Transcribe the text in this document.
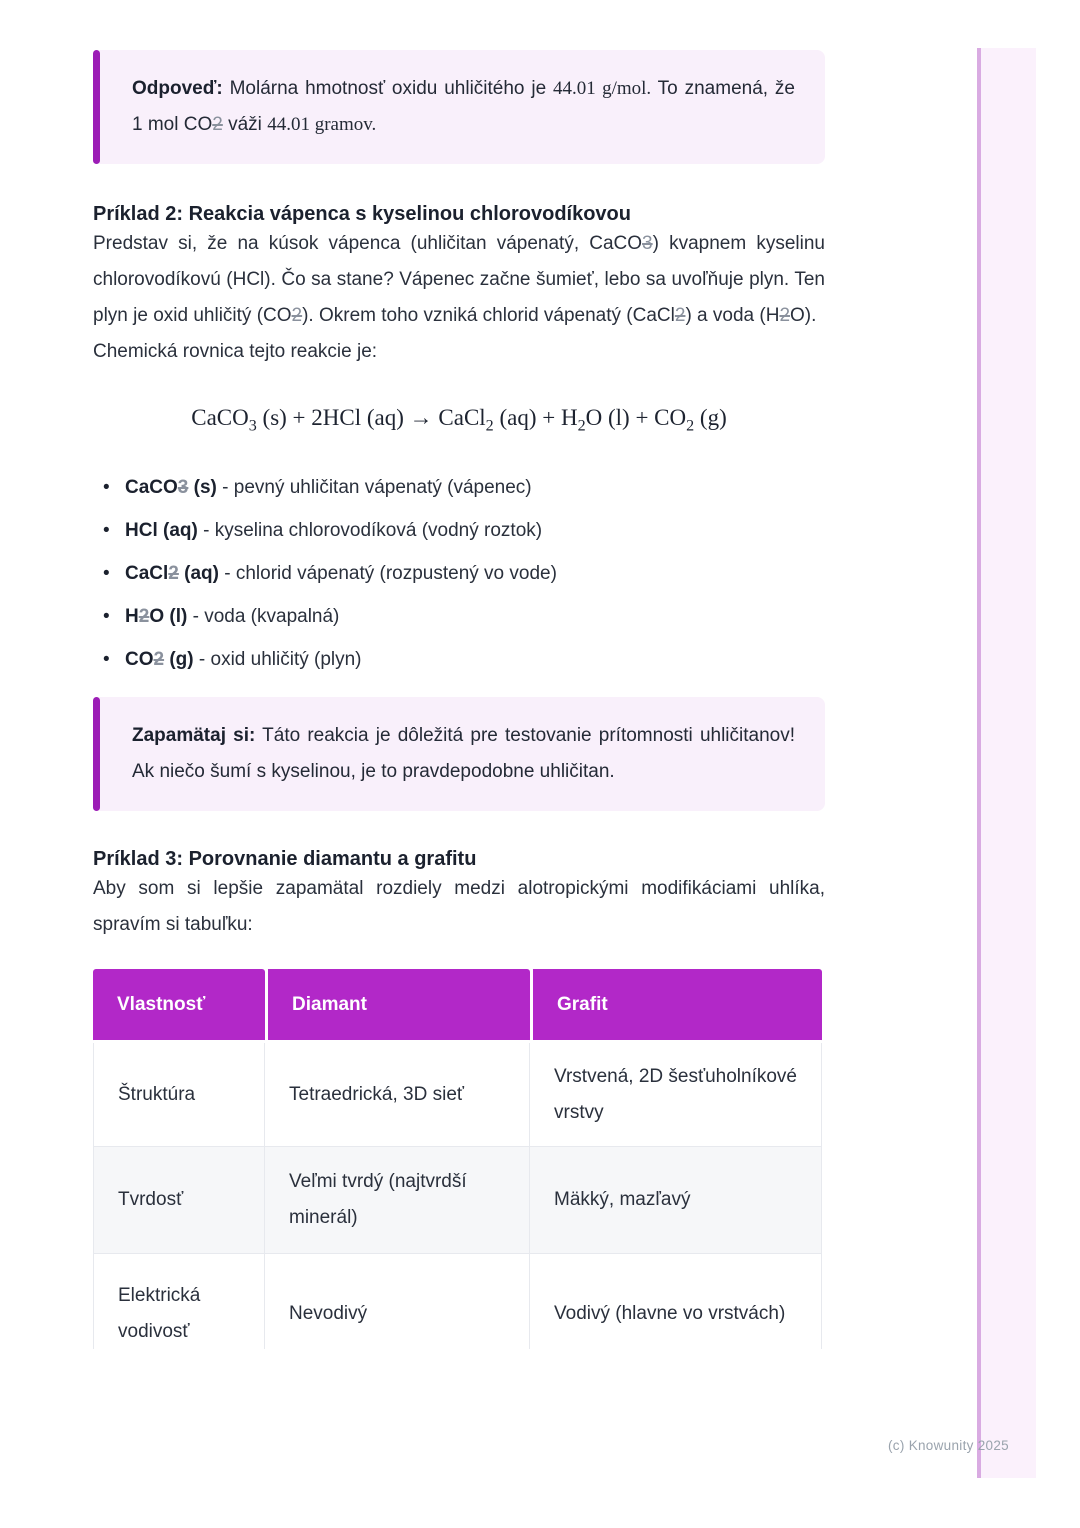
Odpoveď: Molárna hmotnosť oxidu uhličitého je 44.01 g/mol. To znamená, že 1 mol CO2 váži 44.01 gramov.
Príklad 2: Reakcia vápenca s kyselinou chlorovodíkovou

Predstav si, že na kúsok vápenca (uhličitan vápenatý, CaCO3) kvapnem kyselinu chlorovodíkovú (HCl). Čo sa stane? Vápenec začne šumieť, lebo sa uvoľňuje plyn. Ten plyn je oxid uhličitý (CO2). Okrem toho vzniká chlorid vápenatý (CaCl2) a voda (H2O).

Chemická rovnica tejto reakcie je:

CaCO$_3$ (s) + 2HCl (aq) → CaCl$_2$ $(aq) + H_2O$ $(l) + CO_2$ (g)
• CaCO3 (s) - pevný uhličitan vápenatý (vápenec)
• HCl (aq) - kyselina chlorovodíková (vodný roztok)
• CaCl2 (aq) - chlorid vápenatý (rozpustený vo vode)
• H2O (l) - voda (kvapalná)
• CO2 (g) - oxid uhličitý (plyn)
Zapamätaj si: Táto reakcia je dôležitá pre testovanie prítomnosti uhličitanov! Ak niečo šumí s kyselinou, je to pravdepodobne uhličitan.
Príklad 3: Porovnanie diamantu a grafitu

Aby som si lepšie zapamätal rozdiely medzi alotropickými modifikáciami uhlíka, spravím si tabuľku:

Vlastnosť	Diamant	Grafit
Štruktúra	Tetraedrická, 3D sieť	Vrstvená, 2D šesťuholníkové vrstvy
Tvrdosť	Veľmi tvrdý (najtvrdší minerál)	Mäkký, mazľavý
Elektrická vodivosť	Nevodivý	Vodivý (hlavne vo vrstvách)
(c) Knowunity 2025
